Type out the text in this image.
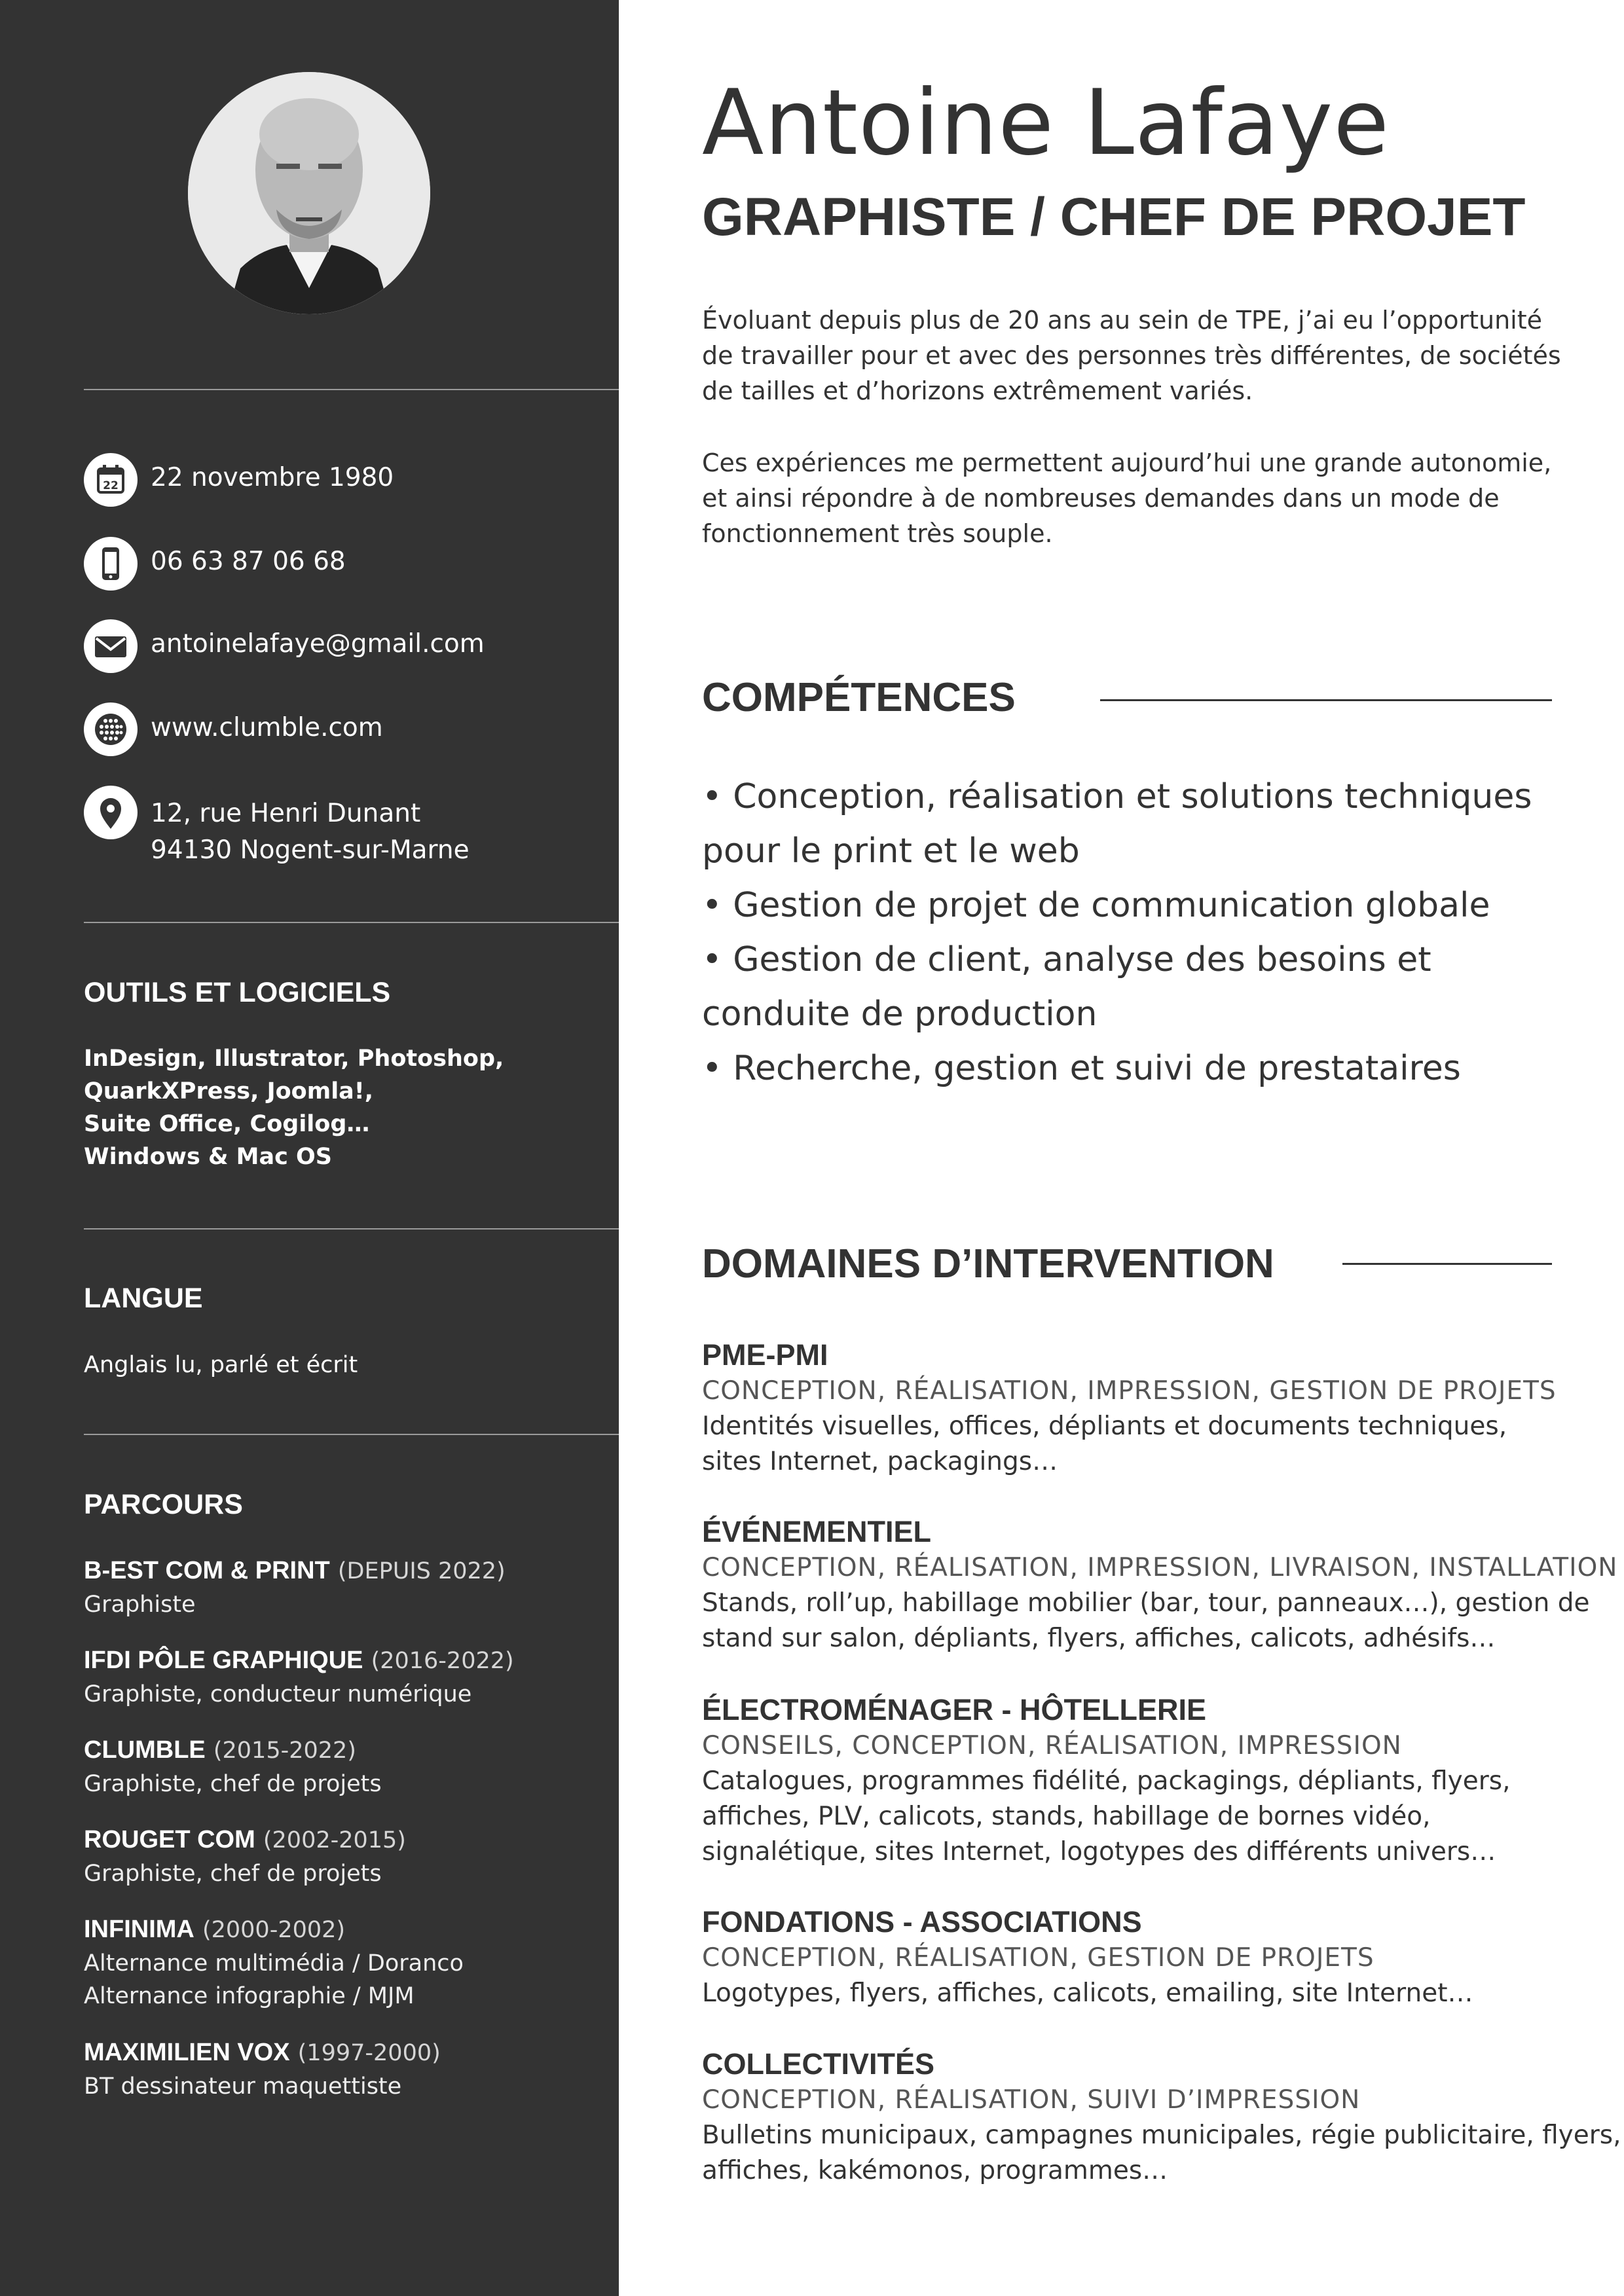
22 22 novembre 1980
06 63 87 06 68
antoinelafaye@gmail.com
www.clumble.com
12, rue Henri Dunant
94130 Nogent-sur-Marne
OUTILS ET LOGICIELS
InDesign, Illustrator, Photoshop,
QuarkXPress, Joomla!,
Suite Office, Cogilog…
Windows & Mac OS
LANGUE
Anglais lu, parlé et écrit
PARCOURS
B-EST COM & PRINT (DEPUIS 2022)
Graphiste
IFDI PÔLE GRAPHIQUE (2016-2022)
Graphiste, conducteur numérique
CLUMBLE (2015-2022)
Graphiste, chef de projets
ROUGET COM (2002-2015)
Graphiste, chef de projets
INFINIMA (2000-2002)
Alternance multimédia / Doranco
Alternance infographie / MJM
MAXIMILIEN VOX (1997-2000)
BT dessinateur maquettiste
Antoine Lafaye
GRAPHISTE / CHEF DE PROJET
Évoluant depuis plus de 20 ans au sein de TPE, j’ai eu l’opportunité
de travailler pour et avec des personnes très différentes, de sociétés
de tailles et d’horizons extrêmement variés.
Ces expériences me permettent aujourd’hui une grande autonomie,
et ainsi répondre à de nombreuses demandes dans un mode de
fonctionnement très souple.
COMPÉTENCES
• Conception, réalisation et solutions techniques
pour le print et le web
• Gestion de projet de communication globale
• Gestion de client, analyse des besoins et
conduite de production
• Recherche, gestion et suivi de prestataires
DOMAINES D’INTERVENTION
PME-PMI
CONCEPTION, RÉALISATION, IMPRESSION, GESTION DE PROJETS
Identités visuelles, offices, dépliants et documents techniques,
sites Internet, packagings…
ÉVÉNEMENTIEL
CONCEPTION, RÉALISATION, IMPRESSION, LIVRAISON, INSTALLATION
Stands, roll’up, habillage mobilier (bar, tour, panneaux…), gestion de
stand sur salon, dépliants, flyers, affiches, calicots, adhésifs…
ÉLECTROMÉNAGER - HÔTELLERIE
CONSEILS, CONCEPTION, RÉALISATION, IMPRESSION
Catalogues, programmes fidélité, packagings, dépliants, flyers,
affiches, PLV, calicots, stands, habillage de bornes vidéo,
signalétique, sites Internet, logotypes des différents univers…
FONDATIONS - ASSOCIATIONS
CONCEPTION, RÉALISATION, GESTION DE PROJETS
Logotypes, flyers, affiches, calicots, emailing, site Internet…
COLLECTIVITÉS
CONCEPTION, RÉALISATION, SUIVI D’IMPRESSION
Bulletins municipaux, campagnes municipales, régie publicitaire, flyers,
affiches, kakémonos, programmes…
